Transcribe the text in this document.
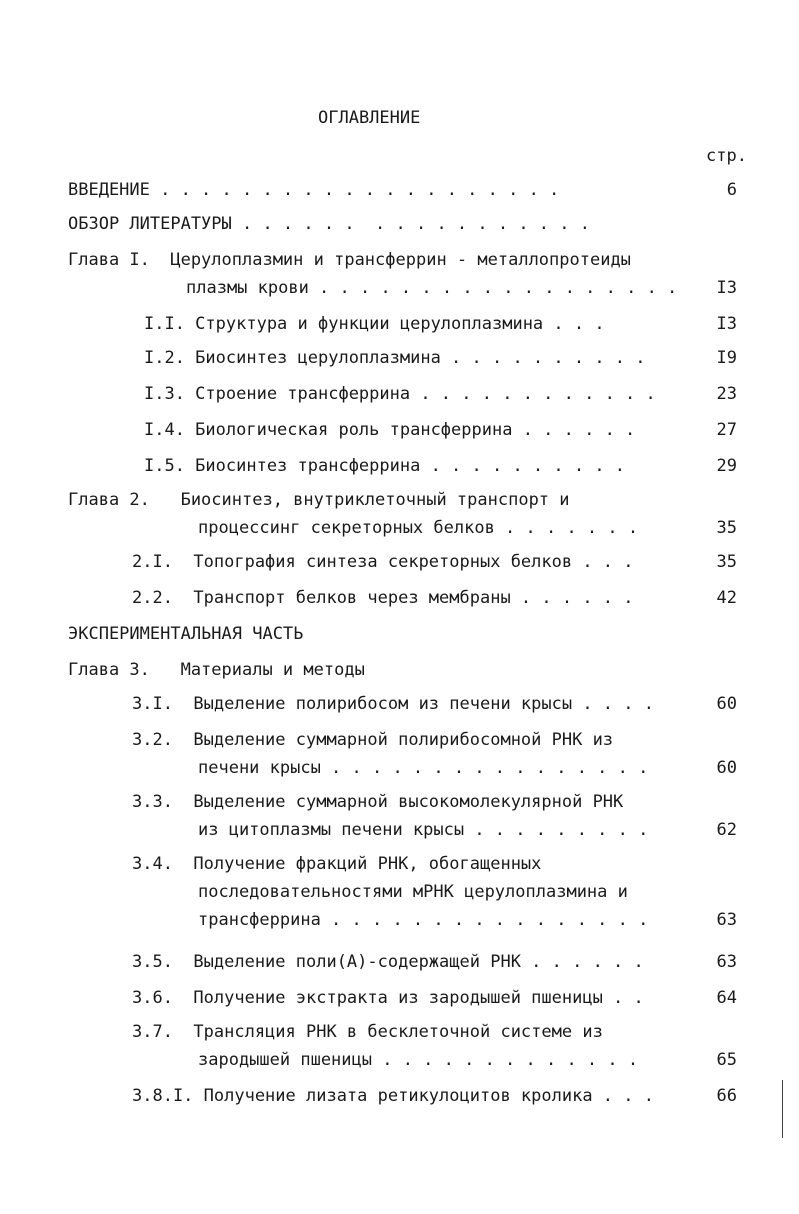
ОГЛАВЛЕНИЕ
стр.
ВВЕДЕНИЕ . . . . . . . . . . . . . . . . . . . .	6
ОБЗОР ЛИТЕРАТУРЫ . . . . . .  . . . . . . . . . . .
Глава I.  Церулоплазмин и трансферрин - металлопротеиды
плазмы крови . . . . . . . . . . . . . . . . . . I3
I.I. Структура и функции церулоплазмина . . .	I3
I.2. Биосинтез церулоплазмина . . . . . . . . . .	I9
I.3. Строение трансферрина . . . . . . . . . . . .	23
I.4. Биологическая роль трансферрина . . . . . .	27
I.5. Биосинтез трансферрина . . . . . . . . . .	29
Глава 2.   Биосинтез, внутриклеточный транспорт и
процессинг секреторных белков . . . . . . .	35
2.I.  Топография синтеза секреторных белков . . .	35
2.2.  Транспорт белков через мембраны . . . . . .	42
ЭКСПЕРИМЕНТАЛЬНАЯ ЧАСТЬ
Глава 3.   Материалы и методы
3.I.  Выделение полирибосом из печени крысы . . . .	60
3.2.  Выделение суммарной полирибосомной РНК из
печени крысы . . . . . . . . . . . . . . . .	60
3.3.  Выделение суммарной высокомолекулярной РНК
из цитоплазмы печени крысы . . . . . . . . .	62
3.4.  Получение фракций РНК, обогащенных
последовательностями мРНК церулоплазмина и
трансферрина . . . . . . . . . . . . . . . .	63
3.5.  Выделение поли(А)-содержащей РНК . . . . . .	63
3.6.  Получение экстракта из зародышей пшеницы . .	64
3.7.  Трансляция РНК в бесклеточной системе из
зародышей пшеницы . . . . . . . . . . . . .	65
3.8.I. Получение лизата ретикулоцитов кролика . . .	66
